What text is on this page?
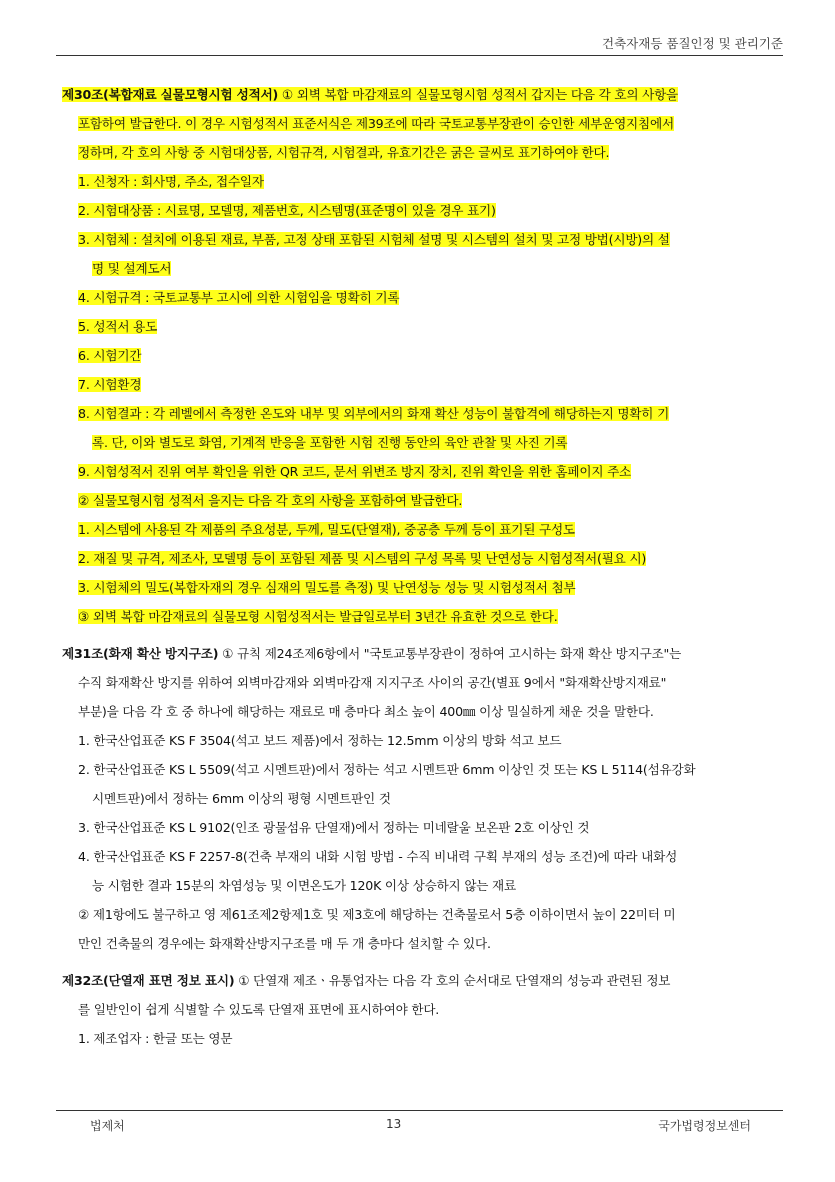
건축자재등 품질인정 및 관리기준
제30조(복합재료 실물모형시험 성적서) ① 외벽 복합 마감재료의 실물모형시험 성적서 갑지는 다음 각 호의 사항을
포함하여 발급한다. 이 경우 시험성적서 표준서식은 제39조에 따라 국토교통부장관이 승인한 세부운영지침에서
정하며, 각 호의 사항 중 시험대상품, 시험규격, 시험결과, 유효기간은 굵은 글씨로 표기하여야 한다.
1. 신청자 : 회사명, 주소, 접수일자
2. 시험대상품 : 시료명, 모델명, 제품번호, 시스템명(표준명이 있을 경우 표기)
3. 시험체 : 설치에 이용된 재료, 부품, 고정 상태 포함된 시험체 설명 및 시스템의 설치 및 고정 방법(시방)의 설
명 및 설계도서
4. 시험규격 : 국토교통부 고시에 의한 시험임을 명확히 기록
5. 성적서 용도
6. 시험기간
7. 시험환경
8. 시험결과 : 각 레벨에서 측정한 온도와 내부 및 외부에서의 화재 확산 성능이 불합격에 해당하는지 명확히 기
록. 단, 이와 별도로 화염, 기계적 반응을 포함한 시험 진행 동안의 육안 관찰 및 사진 기록
9. 시험성적서 진위 여부 확인을 위한 QR 코드, 문서 위변조 방지 장치, 진위 확인을 위한 홈페이지 주소
② 실물모형시험 성적서 을지는 다음 각 호의 사항을 포함하여 발급한다.
1. 시스템에 사용된 각 제품의 주요성분, 두께, 밀도(단열재), 중공층 두께 등이 표기된 구성도
2. 재질 및 규격, 제조사, 모델명 등이 포함된 제품 및 시스템의 구성 목록 및 난연성능 시험성적서(필요 시)
3. 시험체의 밀도(복합자재의 경우 심재의 밀도를 측정) 및 난연성능 성능 및 시험성적서 첨부
③ 외벽 복합 마감재료의 실물모형 시험성적서는 발급일로부터 3년간 유효한 것으로 한다.
제31조(화재 확산 방지구조) ① 규칙 제24조제6항에서 "국토교통부장관이 정하여 고시하는 화재 확산 방지구조"는
수직 화재확산 방지를 위하여 외벽마감재와 외벽마감재 지지구조 사이의 공간(별표 9에서 "화재확산방지재료"
부분)을 다음 각 호 중 하나에 해당하는 재료로 매 층마다 최소 높이 400㎜ 이상 밀실하게 채운 것을 말한다.
1. 한국산업표준 KS F 3504(석고 보드 제품)에서 정하는 12.5mm 이상의 방화 석고 보드
2. 한국산업표준 KS L 5509(석고 시멘트판)에서 정하는 석고 시멘트판 6mm 이상인 것 또는 KS L 5114(섬유강화
시멘트판)에서 정하는 6mm 이상의 평형 시멘트판인 것
3. 한국산업표준 KS L 9102(인조 광물섬유 단열재)에서 정하는 미네랄울 보온판 2호 이상인 것
4. 한국산업표준 KS F 2257-8(건축 부재의 내화 시험 방법 - 수직 비내력 구획 부재의 성능 조건)에 따라 내화성
능 시험한 결과 15분의 차염성능 및 이면온도가 120K 이상 상승하지 않는 재료
② 제1항에도 불구하고 영 제61조제2항제1호 및 제3호에 해당하는 건축물로서 5층 이하이면서 높이 22미터 미
만인 건축물의 경우에는 화재확산방지구조를 매 두 개 층마다 설치할 수 있다.
제32조(단열재 표면 정보 표시) ① 단열재 제조ㆍ유통업자는 다음 각 호의 순서대로 단열재의 성능과 관련된 정보
를 일반인이 쉽게 식별할 수 있도록 단열재 표면에 표시하여야 한다.
1. 제조업자 : 한글 또는 영문
법제처	13	국가법령정보센터
